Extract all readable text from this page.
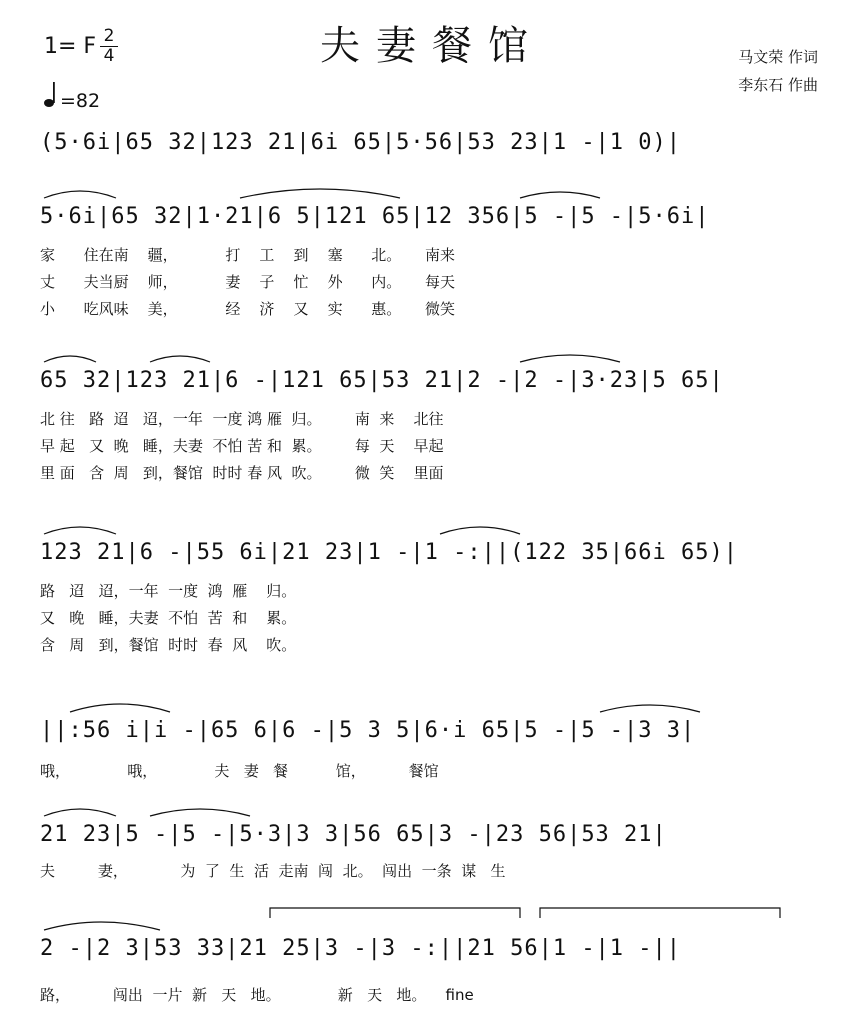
夫妻餐馆
1= F 2
4
=82
马文荣 作词
李东石 作曲
(5·6i|65 32|123 21|6i 65|5·56|53 23|1 -|1 0)|
5·6i|65 32|1·21|6 5|121 65|12 356|5 -|5 -|5·6i|
家      住在南    疆，          打    工    到    塞      北。     南来
丈      夫当厨    师，          妻    子    忙    外      内。     每天
小      吃风味    美，          经    济    又    实      惠。     微笑
65 32|123 21|6 -|121 65|53 21|2 -|2 -|3·23|5 65|
北 往   路  迢   迢，一年  一度 鸿 雁  归。       南  来    北往
早 起   又  晚   睡，夫妻  不怕 苦 和  累。       每  天    早起
里 面   含  周   到，餐馆  时时 春 风  吹。       微  笑    里面
123 21|6 -|55 6i|21 23|1 -|1 -:||(122 35|66i 65)|
路   迢   迢，一年  一度  鸿  雁    归。
又   晚   睡，夫妻  不怕  苦  和    累。
含   周   到，餐馆  时时  春  风    吹。
||:56 i|i -|65 6|6 -|5 3 5|6·i 65|5 -|5 -|3 3|
哦，            哦，            夫   妻   餐          馆，         餐馆
21 23|5 -|5 -|5·3|3 3|56 65|3 -|23 56|53 21|
夫         妻，           为  了  生  活  走南  闯  北。  闯出  一条  谋   生
2 -|2 3|53 33|21 25|3 -|3 -:||21 56|1 -|1 -||
路，         闯出  一片  新   天   地。            新   天   地。    fine
